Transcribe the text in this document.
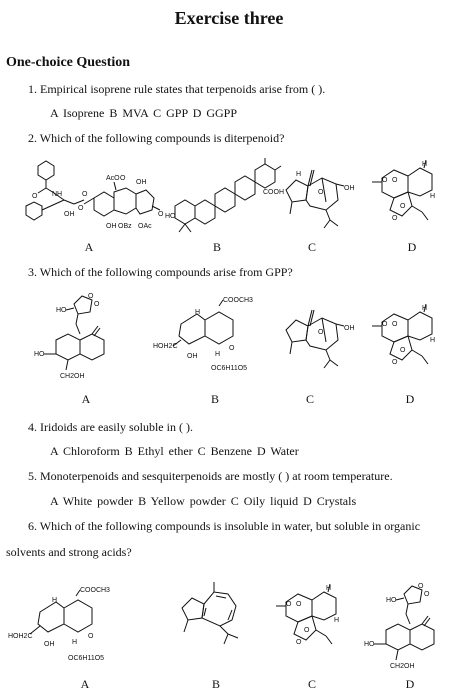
Exercise three
One-choice Question
1. Empirical isoprene rule states that terpenoids arise from ( ).
A Isoprene B MVA C GPP D GGPP
2. Which of the following compounds is diterpenoid?
NH
O
OH
O
O
AcO O
OH
OBz OAc
OH
O
A
HO
COOH
B
O
OH
H
C
O O
O
O
H
H
D
3. Which of the following compounds arise from GPP?
O
O
HO
HO
CH2OH
A
COOCH3
O
H
H
HOH2C
OH
OC6H11O5
B
O
OH
C
O O
O
O
H
H
D
4. Iridoids are easily soluble in ( ).
A Chloroform B Ethyl ether C Benzene D Water
5. Monoterpenoids and sesquiterpenoids are mostly ( ) at room temperature.
A White powder B Yellow powder C Oily liquid D Crystals
6. Which of the following compounds is insoluble in water, but soluble in organic
solvents and strong acids?
COOCH3
O
H
H
HOH2C
OH
OC6H11O5
A	B
O O
O
O
H
H
C
O
O
HO
HO
CH2OH
D
